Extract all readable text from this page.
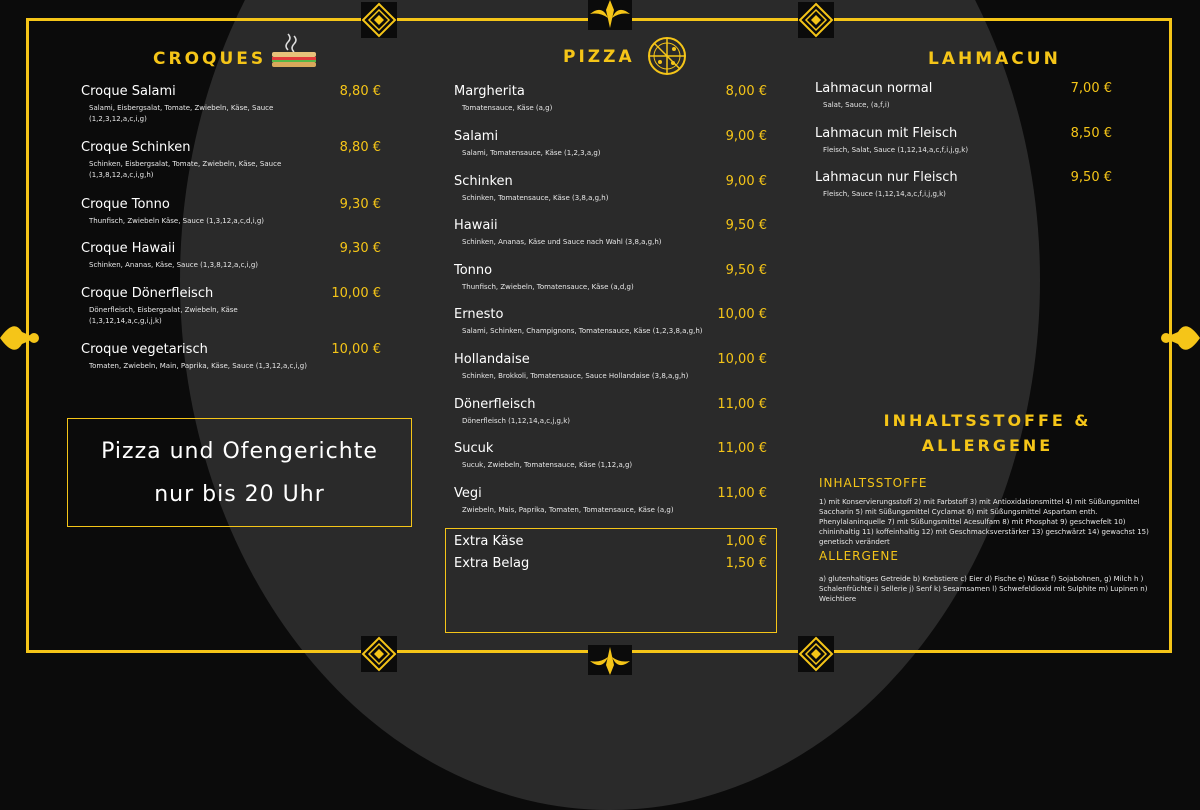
CROQUES
Croque Salami
Salami, Eisbergsalat, Tomate, Zwiebeln, Käse, Sauce (1,2,3,12,a,c,i,g)
8,80 €
Croque Schinken
Schinken, Eisbergsalat, Tomate, Zwiebeln, Käse, Sauce (1,3,8,12,a,c,i,g,h)
8,80 €
Croque Tonno
Thunfisch, Zwiebeln Käse, Sauce (1,3,12,a,c,d,i,g)
9,30 €
Croque Hawaii
Schinken, Ananas, Käse, Sauce (1,3,8,12,a,c,i,g)
9,30 €
Croque Dönerfleisch
Dönerfleisch, Eisbergsalat, Zwiebeln, Käse (1,3,12,14,a,c,g,i,j,k)
10,00 €
Croque vegetarisch
Tomaten, Zwiebeln, Main, Paprika, Käse, Sauce (1,3,12,a,c,i,g)
10,00 €
Pizza und Ofengerichte
nur bis 20 Uhr
PIZZA
Margherita
Tomatensauce, Käse (a,g)
8,00 €
Salami
Salami, Tomatensauce, Käse (1,2,3,a,g)
9,00 €
Schinken
Schinken, Tomatensauce, Käse (3,8,a,g,h)
9,00 €
Hawaii
Schinken, Ananas, Käse und Sauce nach Wahl (3,8,a,g,h)
9,50 €
Tonno
Thunfisch, Zwiebeln, Tomatensauce, Käse (a,d,g)
9,50 €
Ernesto
Salami, Schinken, Champignons, Tomatensauce, Käse (1,2,3,8,a,g,h)
10,00 €
Hollandaise
Schinken, Brokkoli, Tomatensauce, Sauce Hollandaise (3,8,a,g,h)
10,00 €
Dönerfleisch
Dönerfleisch (1,12,14,a,c,j,g,k)
11,00 €
Sucuk
Sucuk, Zwiebeln, Tomatensauce, Käse (1,12,a,g)
11,00 €
Vegi
Zwiebeln, Mais, Paprika, Tomaten, Tomatensauce, Käse (a,g)
11,00 €
Extra Käse	1,00 €
Extra Belag	1,50 €
LAHMACUN
Lahmacun normal
Salat, Sauce, (a,f,i)
7,00 €
Lahmacun mit Fleisch
Fleisch, Salat, Sauce (1,12,14,a,c,f,i,j,g,k)
8,50 €
Lahmacun nur Fleisch
Fleisch, Sauce (1,12,14,a,c,f,i,j,g,k)
9,50 €
INHALTSSTOFFE &
ALLERGENE
INHALTSSTOFFE
1) mit Konservierungsstoff 2) mit Farbstoff 3) mit Antioxidationsmittel 4) mit Süßungsmittel Saccharin 5) mit Süßungsmittel Cyclamat 6) mit Süßungsmittel Aspartam enth. Phenylalaninquelle 7) mit Süßungsmittel Acesulfam 8) mit Phosphat 9) geschwefelt 10) chininhaltig 11) koffeinhaltig 12) mit Geschmacksverstärker 13) geschwärzt 14) gewachst 15) genetisch verändert
ALLERGENE
a) glutenhaltiges Getreide b) Krebstiere c) Eier d) Fische e) Nüsse f) Sojabohnen, g) Milch h ) Schalenfrüchte i) Sellerie j) Senf k) Sesamsamen l) Schwefeldioxid mit Sulphite m) Lupinen n) Weichtiere
